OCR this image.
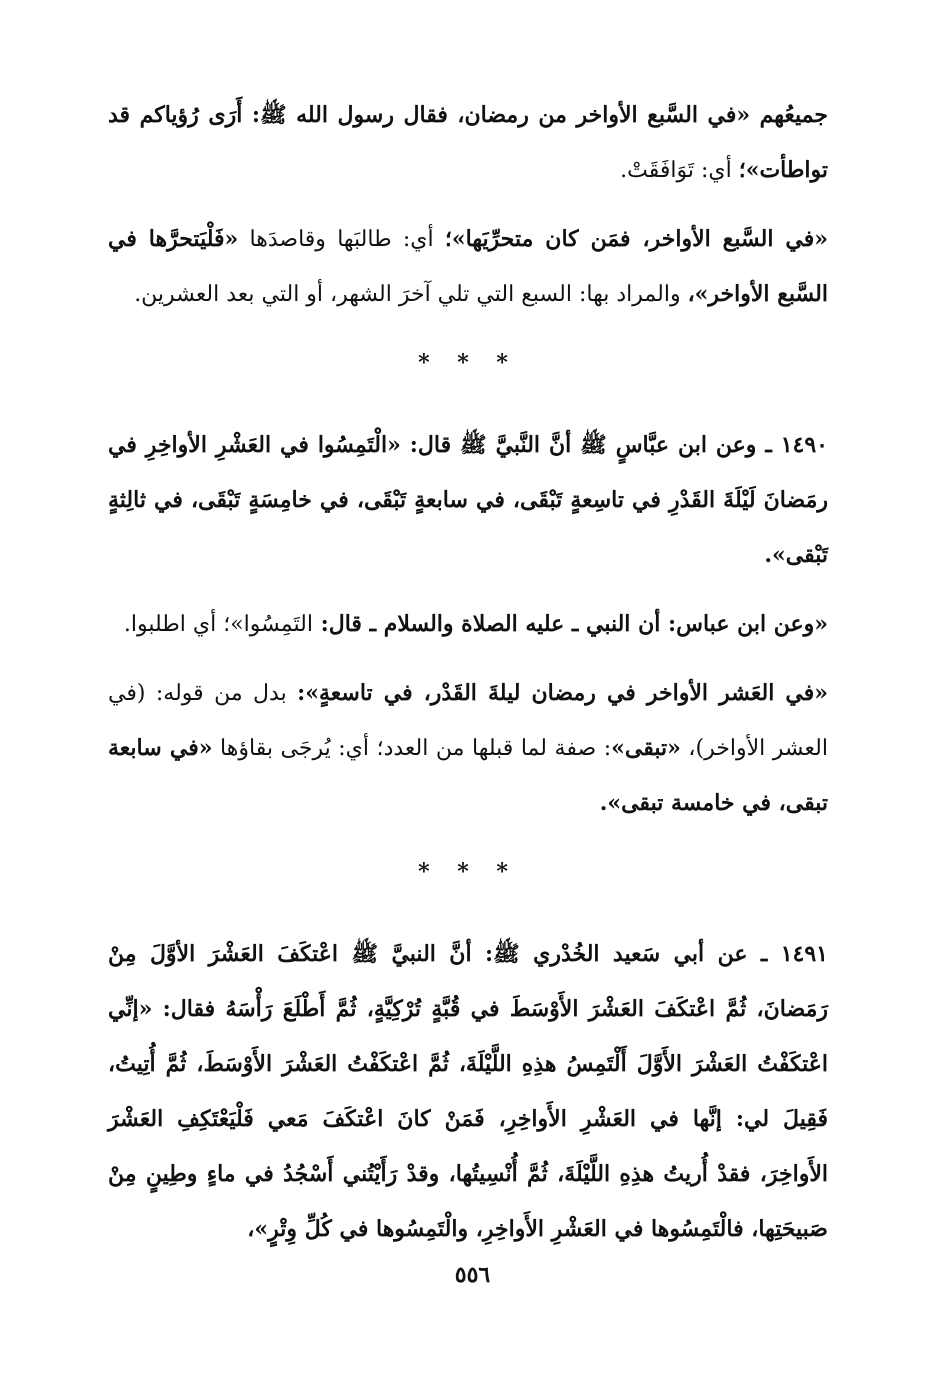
جميعُهم «في السَّبع الأواخر من رمضان، فقال رسول الله ﷺ: أَرَى رُؤياكم قد تواطأت»؛ أي: تَوَافَقَتْ.

«في السَّبع الأواخر، فمَن كان متحرِّيَها»؛ أي: طالبَها وقاصدَها «فَلْيَتحرَّها في السَّبع الأواخر»، والمراد بها: السبع التي تلي آخرَ الشهر، أو التي بعد العشرين.

* * *

١٤٩٠ ـ وعن ابن عبَّاسٍ ﷺ أنَّ النَّبيَّ ﷺ قال: «الْتَمِسُوا في العَشْرِ الأواخِرِ في رمَضانَ لَيْلَةَ القَدْرِ في تاسِعةٍ تَبْقَى، في سابعةٍ تَبْقَى، في خامِسَةٍ تَبْقَى، في ثالِثةٍ تَبْقى».

«وعن ابن عباس: أن النبي ـ عليه الصلاة والسلام ـ قال: التَمِسُوا»؛ أي اطلبوا.

«في العَشر الأواخر في رمضان ليلةَ القَدْر، في تاسعةٍ»: بدل من قوله: (في العشر الأواخر)، «تبقى»: صفة لما قبلها من العدد؛ أي: يُرجَى بقاؤها «في سابعة تبقى، في خامسة تبقى».

* * *

١٤٩١ ـ عن أبي سَعيد الخُدْري ﷺ: أنَّ النبيَّ ﷺ اعْتكَفَ العَشْرَ الأوَّلَ مِنْ رَمَضانَ، ثُمَّ اعْتكَفَ العَشْرَ الأَوْسَطَ في قُبَّةٍ تُرْكِيَّةٍ، ثُمَّ أَطْلَعَ رَأْسَهُ فقال: «إنِّي اعْتكَفْتُ العَشْرَ الأَوَّلَ أَلْتَمِسُ هذِهِ اللَّيْلَةَ، ثُمَّ اعْتكَفْتُ العَشْرَ الأَوْسَطَ، ثُمَّ أُتِيتُ، فَقِيلَ لي: إنَّها في العَشْرِ الأَواخِرِ، فَمَنْ كانَ اعْتكَفَ مَعي فَلْيَعْتَكِفِ العَشْرَ الأَواخِرَ، فقدْ أُريتُ هذِهِ اللَّيْلَةَ، ثُمَّ أُنْسِيتُها، وقدْ رَأَيْتُني أَسْجُدُ في ماءٍ وطِينٍ مِنْ صَبيحَتِها، فالْتَمِسُوها في العَشْرِ الأَواخِرِ، والْتَمِسُوها في كُلِّ وِتْرٍ»،

٥٥٦
